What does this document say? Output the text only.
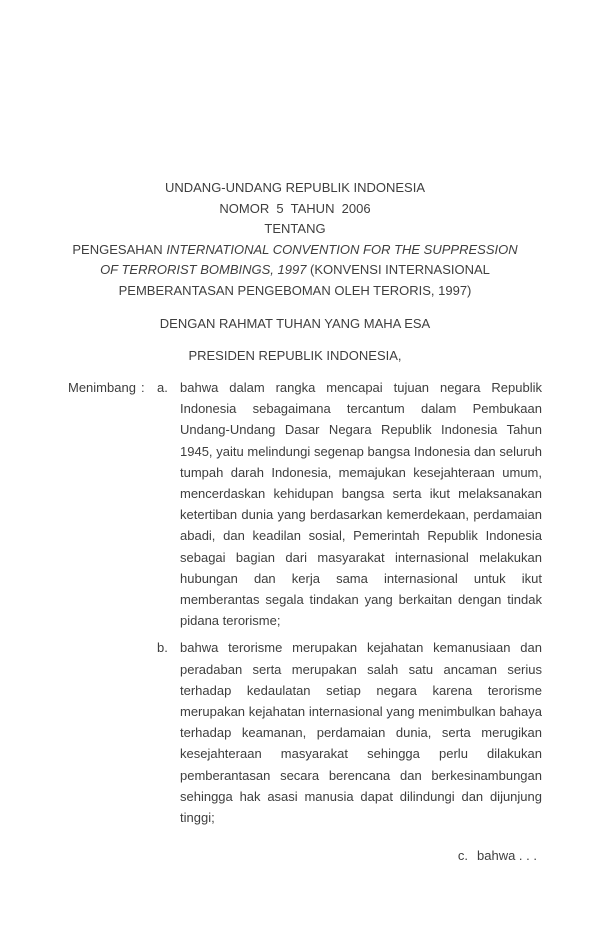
UNDANG-UNDANG REPUBLIK INDONESIA
NOMOR  5  TAHUN  2006
TENTANG
PENGESAHAN INTERNATIONAL CONVENTION FOR THE SUPPRESSION
OF TERRORIST BOMBINGS, 1997 (KONVENSI INTERNASIONAL
PEMBERANTASAN PENGEBOMAN OLEH TERORIS, 1997)
DENGAN RAHMAT TUHAN YANG MAHA ESA
PRESIDEN REPUBLIK INDONESIA,
Menimbang : a. bahwa dalam rangka mencapai tujuan negara Republik Indonesia sebagaimana tercantum dalam Pembukaan Undang-Undang Dasar Negara Republik Indonesia Tahun 1945, yaitu melindungi segenap bangsa Indonesia dan seluruh tumpah darah Indonesia, memajukan kesejahteraan umum, mencerdaskan kehidupan bangsa serta ikut melaksanakan ketertiban dunia yang berdasarkan kemerdekaan, perdamaian abadi, dan keadilan sosial, Pemerintah Republik Indonesia sebagai bagian dari masyarakat internasional melakukan hubungan dan kerja sama internasional untuk ikut memberantas segala tindakan yang berkaitan dengan tindak pidana terorisme;
b. bahwa terorisme merupakan kejahatan kemanusiaan dan peradaban serta merupakan salah satu ancaman serius terhadap kedaulatan setiap negara karena terorisme merupakan kejahatan internasional yang menimbulkan bahaya terhadap keamanan, perdamaian dunia, serta merugikan kesejahteraan masyarakat sehingga perlu dilakukan pemberantasan secara berencana dan berkesinambungan sehingga hak asasi manusia dapat dilindungi dan dijunjung tinggi;
c. bahwa . . .
